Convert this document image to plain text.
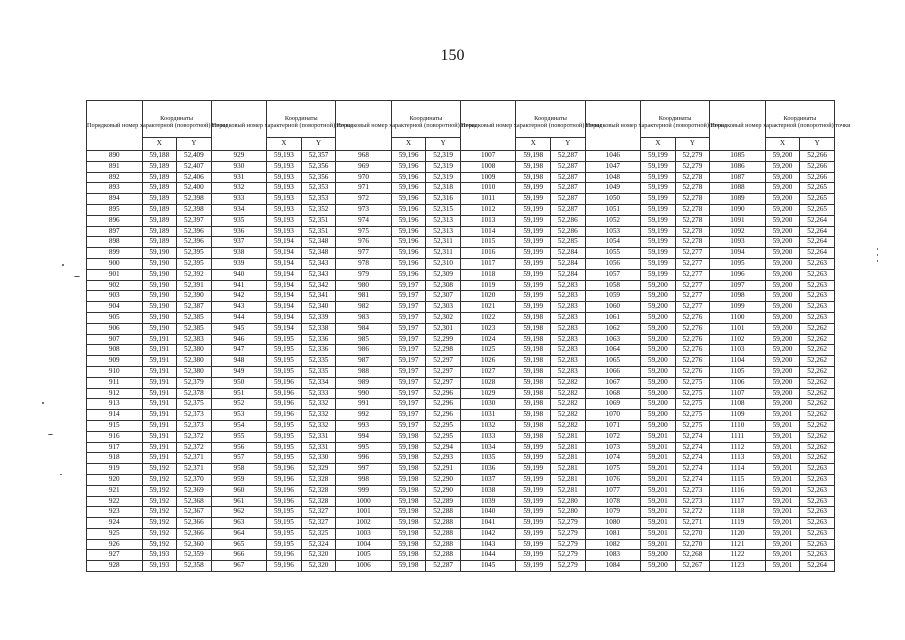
150
Порядковый номер характерной (поворотной) точки	Координаты		Порядковый номер характерной (поворотной) точки	Координаты		Порядковый номер характерной (поворотной) точки	Координаты		Порядковый номер характерной (поворотной) точки	Координаты		Порядковый номер характерной (поворотной) точки	Координаты		Порядковый номер характерной (поворотной) точки	Координаты	
	X	Y		X	Y		X	Y		X	Y		X	Y		X	Y
890	59,188	52,409	929	59,193	52,357	968	59,196	52,319	1007	59,198	52,287	1046	59,199	52,279	1085	59,200	52,266
891	59,189	52,407	930	59,193	52,356	969	59,196	52,319	1008	59,198	52,287	1047	59,199	52,279	1086	59,200	52,266
892	59,189	52,406	931	59,193	52,356	970	59,196	52,319	1009	59,198	52,287	1048	59,199	52,278	1087	59,200	52,266
893	59,189	52,400	932	59,193	52,353	971	59,196	52,318	1010	59,199	52,287	1049	59,199	52,278	1088	59,200	52,265
894	59,189	52,398	933	59,193	52,353	972	59,196	52,316	1011	59,199	52,287	1050	59,199	52,278	1089	59,200	52,265
895	59,189	52,398	934	59,193	52,352	973	59,196	52,315	1012	59,199	52,287	1051	59,199	52,278	1090	59,200	52,265
896	59,189	52,397	935	59,193	52,351	974	59,196	52,313	1013	59,199	52,286	1052	59,199	52,278	1091	59,200	52,264
897	59,189	52,396	936	59,193	52,351	975	59,196	52,313	1014	59,199	52,286	1053	59,199	52,278	1092	59,200	52,264
898	59,189	52,396	937	59,194	52,348	976	59,196	52,311	1015	59,199	52,285	1054	59,199	52,278	1093	59,200	52,264
899	59,190	52,395	938	59,194	52,348	977	59,196	52,311	1016	59,199	52,284	1055	59,199	52,277	1094	59,200	52,264
900	59,190	52,395	939	59,194	52,343	978	59,196	52,310	1017	59,199	52,284	1056	59,199	52,277	1095	59,200	52,263
901	59,190	52,392	940	59,194	52,343	979	59,196	52,309	1018	59,199	52,284	1057	59,199	52,277	1096	59,200	52,263
902	59,190	52,391	941	59,194	52,342	980	59,197	52,308	1019	59,199	52,283	1058	59,200	52,277	1097	59,200	52,263
903	59,190	52,390	942	59,194	52,341	981	59,197	52,307	1020	59,199	52,283	1059	59,200	52,277	1098	59,200	52,263
904	59,190	52,387	943	59,194	52,340	982	59,197	52,303	1021	59,199	52,283	1060	59,200	52,277	1099	59,200	52,263
905	59,190	52,385	944	59,194	52,339	983	59,197	52,302	1022	59,198	52,283	1061	59,200	52,276	1100	59,200	52,263
906	59,190	52,385	945	59,194	52,338	984	59,197	52,301	1023	59,198	52,283	1062	59,200	52,276	1101	59,200	52,262
907	59,191	52,383	946	59,195	52,336	985	59,197	52,299	1024	59,198	52,283	1063	59,200	52,276	1102	59,200	52,262
908	59,191	52,380	947	59,195	52,336	986	59,197	52,298	1025	59,198	52,283	1064	59,200	52,276	1103	59,200	52,262
909	59,191	52,380	948	59,195	52,335	987	59,197	52,297	1026	59,198	52,283	1065	59,200	52,276	1104	59,200	52,262
910	59,191	52,380	949	59,195	52,335	988	59,197	52,297	1027	59,198	52,283	1066	59,200	52,276	1105	59,200	52,262
911	59,191	52,379	950	59,196	52,334	989	59,197	52,297	1028	59,198	52,282	1067	59,200	52,275	1106	59,200	52,262
912	59,191	52,378	951	59,196	52,333	990	59,197	52,296	1029	59,198	52,282	1068	59,200	52,275	1107	59,200	52,262
913	59,191	52,375	952	59,196	52,332	991	59,197	52,296	1030	59,198	52,282	1069	59,200	52,275	1108	59,200	52,262
914	59,191	52,373	953	59,196	52,332	992	59,197	52,296	1031	59,198	52,282	1070	59,200	52,275	1109	59,201	52,262
915	59,191	52,373	954	59,195	52,332	993	59,197	52,295	1032	59,198	52,282	1071	59,200	52,275	1110	59,201	52,262
916	59,191	52,372	955	59,195	52,331	994	59,198	52,295	1033	59,198	52,281	1072	59,201	52,274	1111	59,201	52,262
917	59,191	52,372	956	59,195	52,331	995	59,198	52,294	1034	59,199	52,281	1073	59,201	52,274	1112	59,201	52,262
918	59,191	52,371	957	59,195	52,330	996	59,198	52,293	1035	59,199	52,281	1074	59,201	52,274	1113	59,201	52,262
919	59,192	52,371	958	59,196	52,329	997	59,198	52,291	1036	59,199	52,281	1075	59,201	52,274	1114	59,201	52,263
920	59,192	52,370	959	59,196	52,328	998	59,198	52,290	1037	59,199	52,281	1076	59,201	52,274	1115	59,201	52,263
921	59,192	52,369	960	59,196	52,328	999	59,198	52,290	1038	59,199	52,281	1077	59,201	52,273	1116	59,201	52,263
922	59,192	52,368	961	59,196	52,328	1000	59,198	52,289	1039	59,199	52,280	1078	59,201	52,273	1117	59,201	52,263
923	59,192	52,367	962	59,195	52,327	1001	59,198	52,288	1040	59,199	52,280	1079	59,201	52,272	1118	59,201	52,263
924	59,192	52,366	963	59,195	52,327	1002	59,198	52,288	1041	59,199	52,279	1080	59,201	52,271	1119	59,201	52,263
925	59,192	52,366	964	59,195	52,325	1003	59,198	52,288	1042	59,199	52,279	1081	59,201	52,270	1120	59,201	52,263
926	59,192	52,360	965	59,195	52,324	1004	59,198	52,288	1043	59,199	52,279	1082	59,201	52,270	1121	59,201	52,263
927	59,193	52,359	966	59,196	52,320	1005	59,198	52,288	1044	59,199	52,279	1083	59,200	52,268	1122	59,201	52,263
928	59,193	52,358	967	59,196	52,320	1006	59,198	52,287	1045	59,199	52,279	1084	59,200	52,267	1123	59,201	52,264
